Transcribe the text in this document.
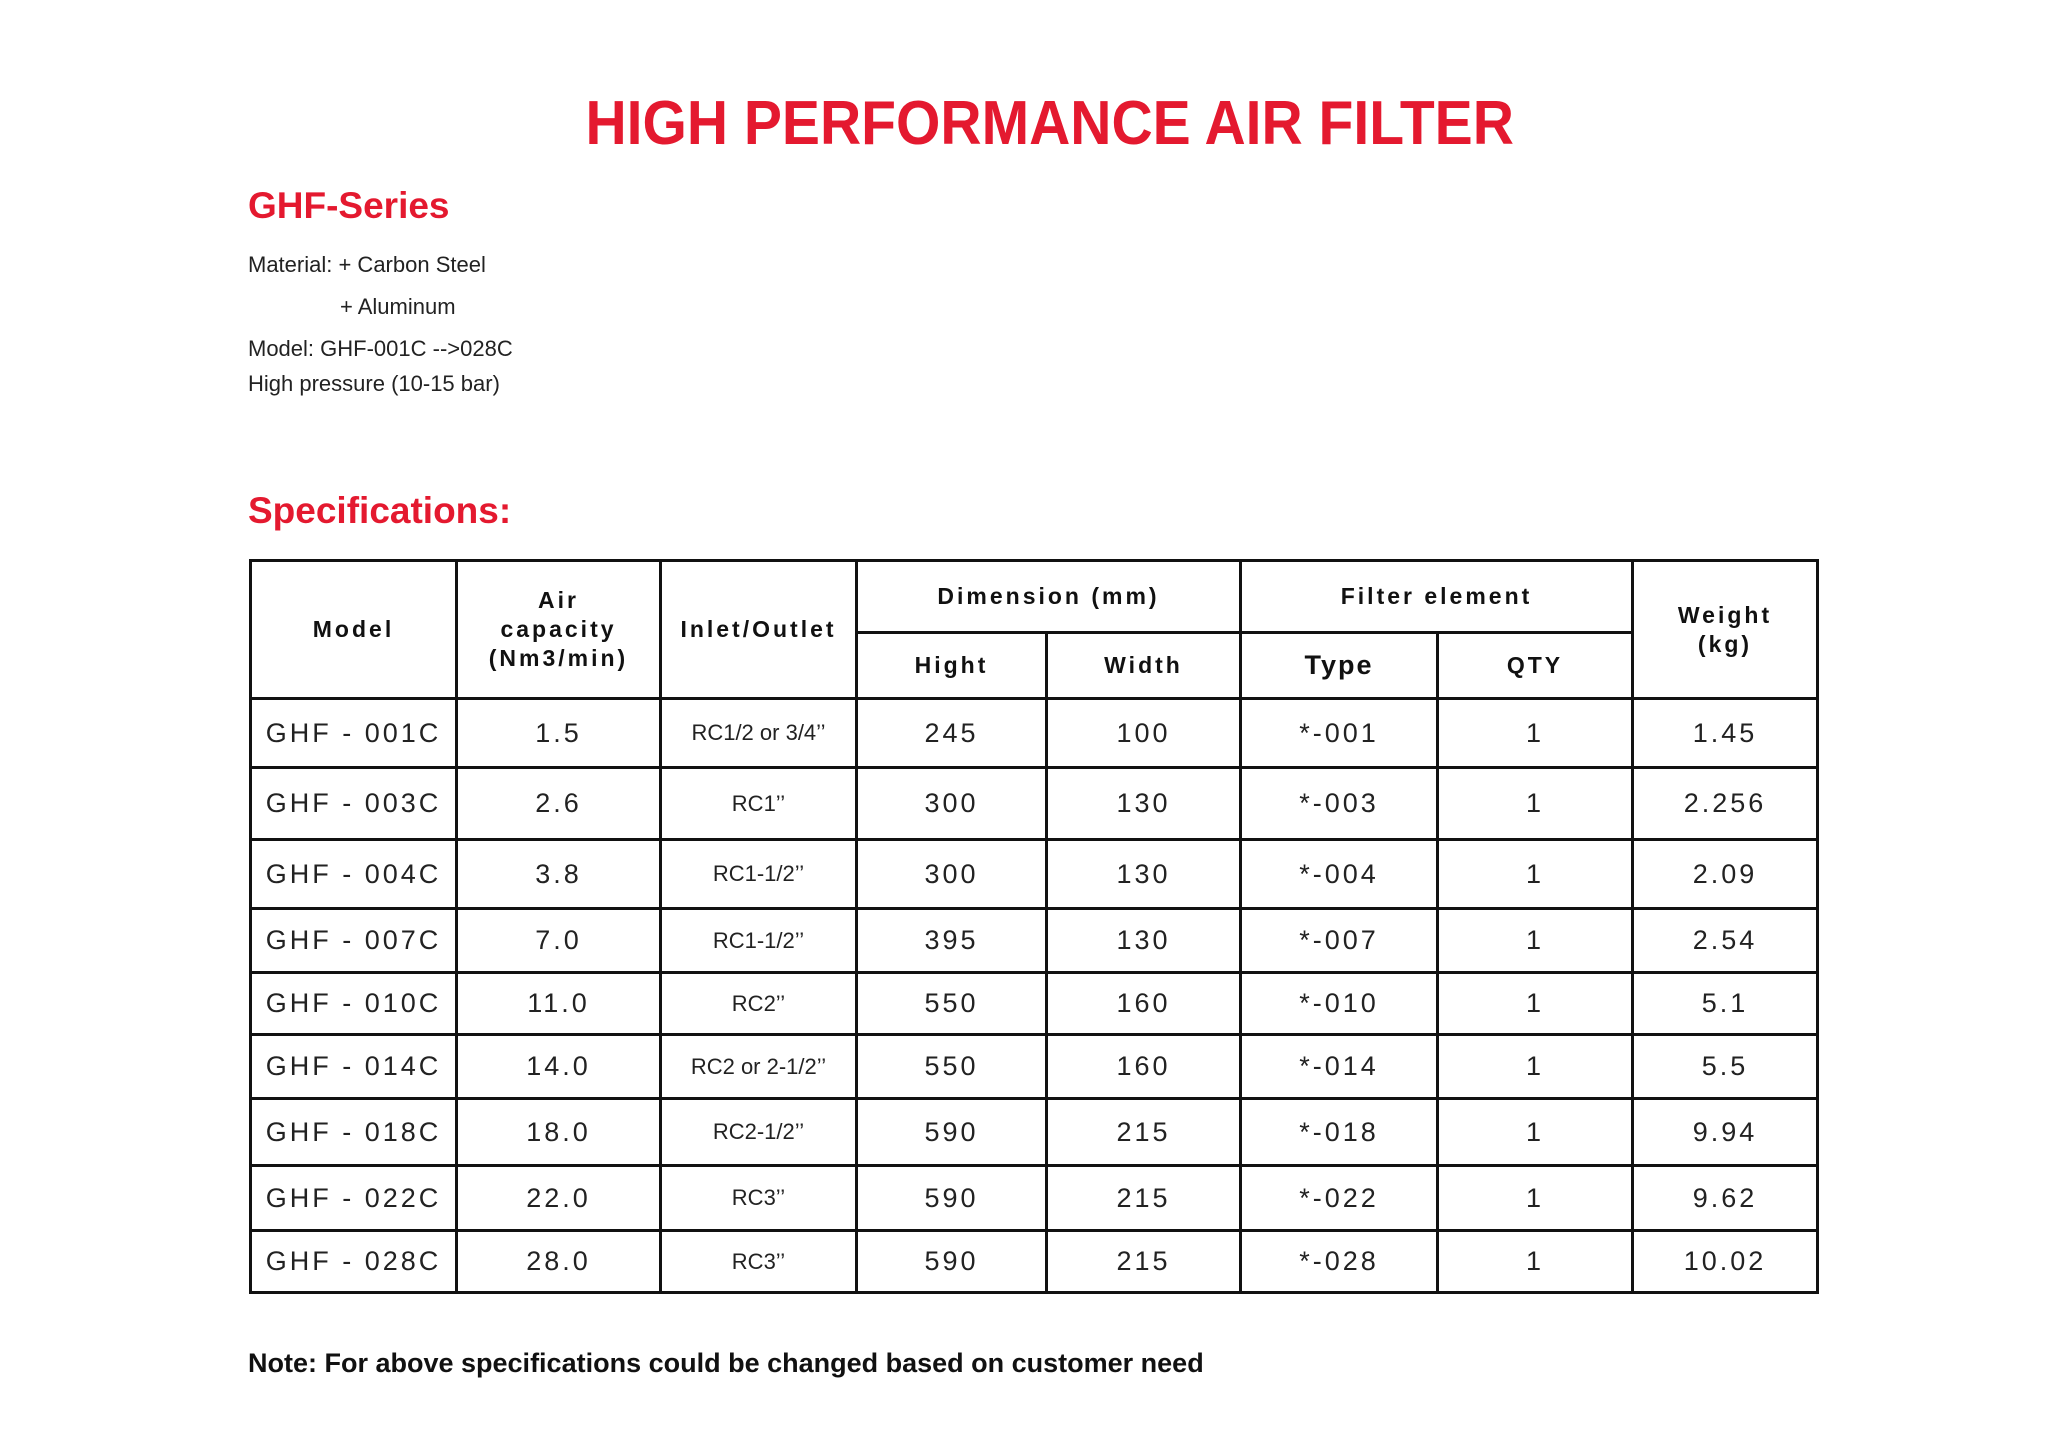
HIGH PERFORMANCE AIR FILTER
GHF-Series
Material: + Carbon Steel
+ Aluminum
Model: GHF-001C -->028C
High pressure (10-15 bar)
Specifications:
Model	Air capacity (Nm3/min)	Inlet/Outlet	Dimension (mm)		Filter element		Weight (kg)
			Hight	Width	Type	QTY	
GHF - 001C	1.5	RC1/2 or 3/4’’	245	100	*-001	1	1.45
GHF - 003C	2.6	RC1’’	300	130	*-003	1	2.256
GHF - 004C	3.8	RC1-1/2’’	300	130	*-004	1	2.09
GHF - 007C	7.0	RC1-1/2’’	395	130	*-007	1	2.54
GHF - 010C	11.0	RC2’’	550	160	*-010	1	5.1
GHF - 014C	14.0	RC2 or 2-1/2’’	550	160	*-014	1	5.5
GHF - 018C	18.0	RC2-1/2’’	590	215	*-018	1	9.94
GHF - 022C	22.0	RC3’’	590	215	*-022	1	9.62
GHF - 028C	28.0	RC3’’	590	215	*-028	1	10.02
Note: For above specifications could be changed based on customer need
